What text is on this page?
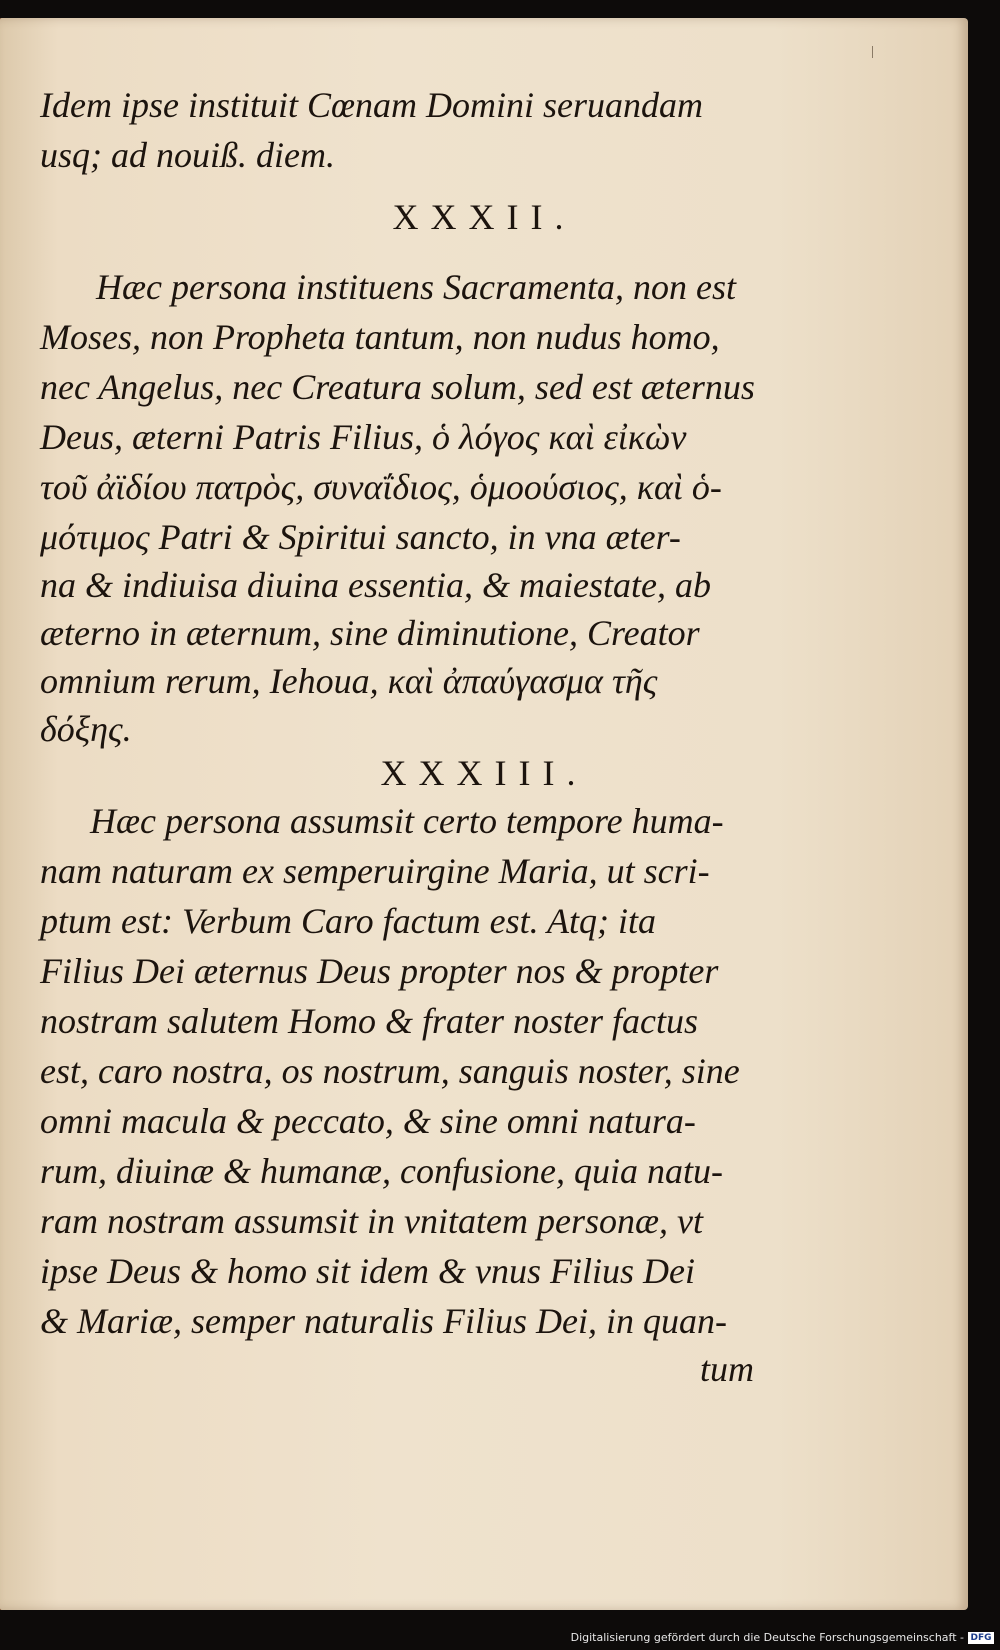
Idem ipse instituit Cœnam Domini seruandam
usq; ad nouiß. diem.
XXXII.
Hæc persona instituens Sacramenta, non est
Moses, non Propheta tantum, non nudus homo,
nec Angelus, nec Creatura solum, sed est æternus
Deus, æterni Patris Filius, ὁ λόγος καὶ εἰκὼν
τοῦ ἀϊδίου πατρὸς, συναΐδιος, ὁμοούσιος, καὶ ὁ-
μότιμος Patri & Spiritui sancto, in vna æter-
na & indiuisa diuina essentia, & maiestate, ab
æterno in æternum, sine diminutione, Creator
omnium rerum, Iehoua, καὶ ἀπαύγασμα τῆς
δόξης.
XXXIII.
Hæc persona assumsit certo tempore huma-
nam naturam ex semperuirgine Maria, ut scri-
ptum est: Verbum Caro factum est. Atq; ita
Filius Dei æternus Deus propter nos & propter
nostram salutem Homo & frater noster factus
est, caro nostra, os nostrum, sanguis noster, sine
omni macula & peccato, & sine omni natura-
rum, diuinæ & humanæ, confusione, quia natu-
ram nostram assumsit in vnitatem personæ, vt
ipse Deus & homo sit idem & vnus Filius Dei
& Mariæ, semper naturalis Filius Dei, in quan-
tum
Digitalisierung gefördert durch die Deutsche Forschungsgemeinschaft - DFG
